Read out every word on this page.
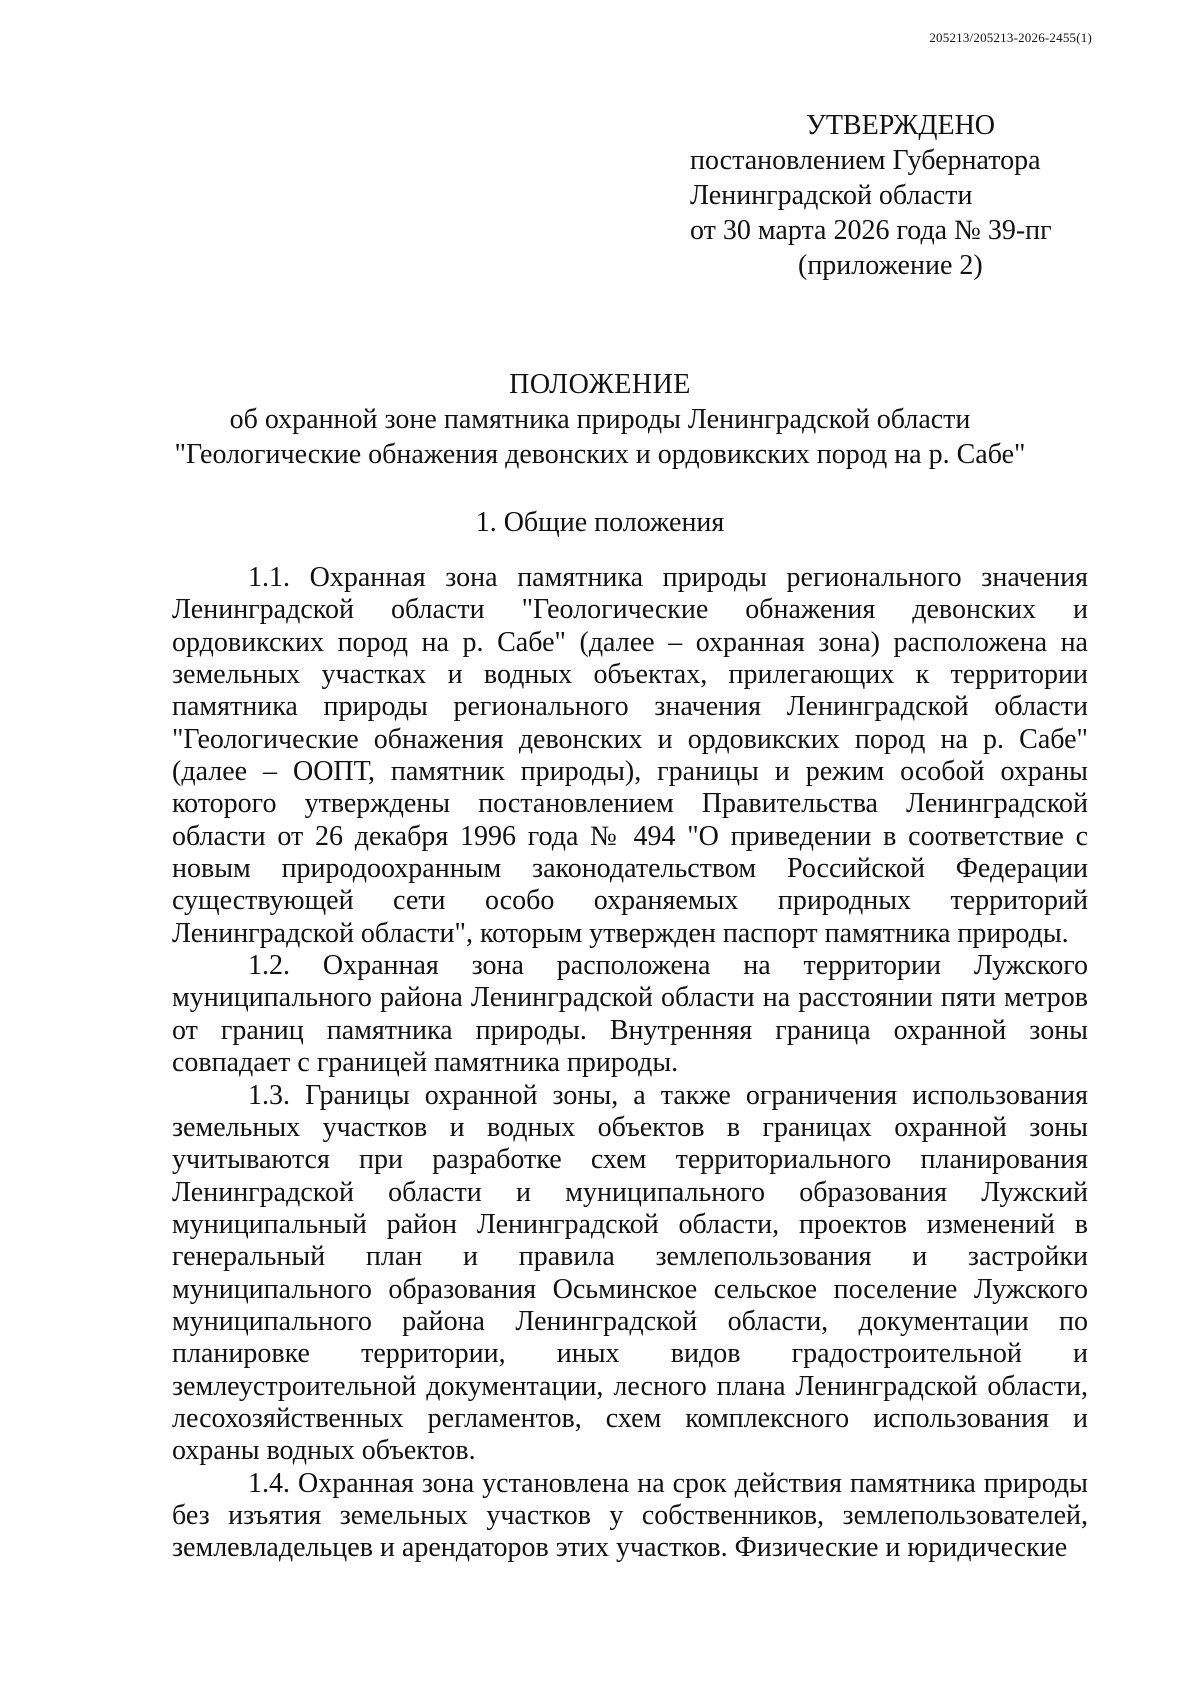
205213/205213-2026-2455(1)
УТВЕРЖДЕНО
постановлением Губернатора
Ленинградской области
от 30 марта 2026 года № 39-пг
(приложение 2)
ПОЛОЖЕНИЕ
об охранной зоне памятника природы Ленинградской области
"Геологические обнажения девонских и ордовикских пород на р. Сабе"
1. Общие положения

1.1. Охранная зона памятника природы регионального значения Ленинградской области "Геологические обнажения девонских и ордовикских пород на р. Сабе" (далее – охранная зона) расположена на земельных участках и водных объектах, прилегающих к территории памятника природы регионального значения Ленинградской области "Геологические обнажения девонских и ордовикских пород на р. Сабе" (далее – ООПТ, памятник природы), границы и режим особой охраны которого утверждены постановлением Правительства Ленинградской области от 26 декабря 1996 года № 494 "О приведении в соответствие с новым природоохранным законодательством Российской Федерации существующей сети особо охраняемых природных территорий Ленинградской области", которым утвержден паспорт памятника природы.

1.2. Охранная зона расположена на территории Лужского муниципального района Ленинградской области на расстоянии пяти метров от границ памятника природы. Внутренняя граница охранной зоны совпадает с границей памятника природы.

1.3. Границы охранной зоны, а также ограничения использования земельных участков и водных объектов в границах охранной зоны учитываются при разработке схем территориального планирования Ленинградской области и муниципального образования Лужский муниципальный район Ленинградской области, проектов изменений в генеральный план и правила землепользования и застройки муниципального образования Осьминское сельское поселение Лужского муниципального района Ленинградской области, документации по планировке территории, иных видов градостроительной и землеустроительной документации, лесного плана Ленинградской области, лесохозяйственных регламентов, схем комплексного использования и охраны водных объектов.

1.4. Охранная зона установлена на срок действия памятника природы без изъятия земельных участков у собственников, землепользователей, землевладельцев и арендаторов этих участков. Физические и юридические
